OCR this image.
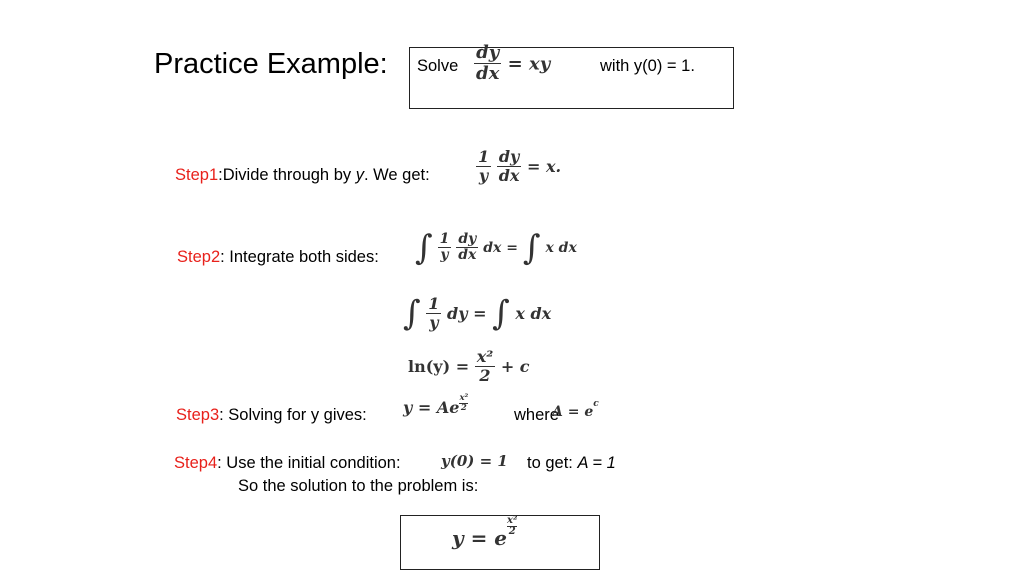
Practice Example: Solve $\frac{dy}{dx}$ = xy	with y(0) = 1.
Step1:Divide through by y. We get:	$\frac{1}{y}$
$\frac{dy}{dx} = x$.
Step2: Integrate both sides: ∫ $\frac{1}{y}$
$\frac{dy}{dx}$ dx = ∫ x dx
∫ $\frac{1}{y}$ dy = ∫ x dx
$\ln(y) = \frac{\text{x²}}{2} + c$
Step3: Solving for y gives: y = Ae $\frac{\text{x²}}{2}$
where
A = ec
Step4: Use the initial condition:	y(0) = 1 to get: A = 1
So the solution to the problem is:
y = e $\frac{\text{x²}}{2}$
